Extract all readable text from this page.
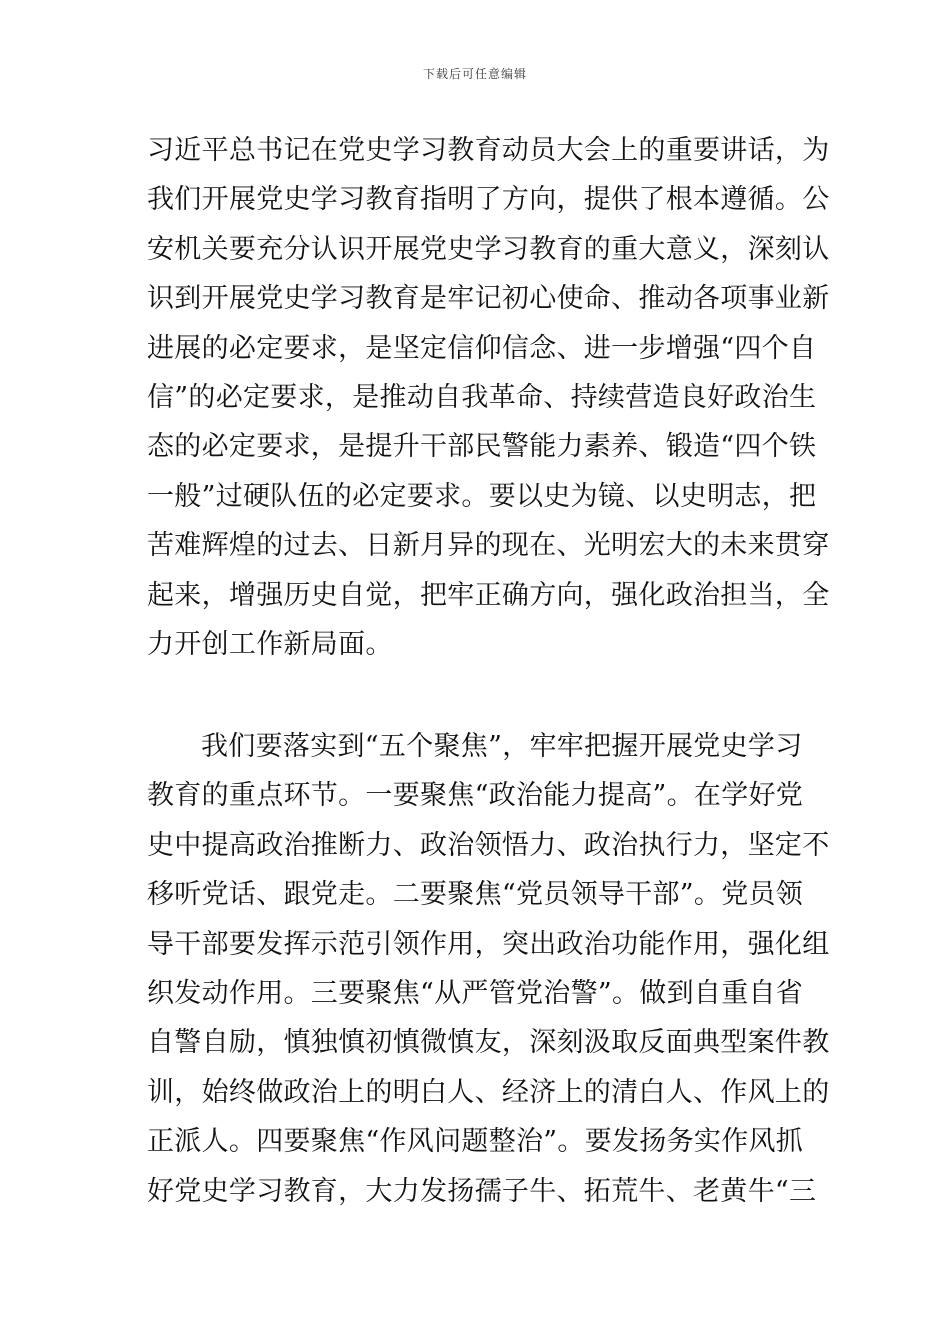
下载后可任意编辑
习近平总书记在党史学习教育动员大会上的重要讲话，为
我们开展党史学习教育指明了方向，提供了根本遵循。公
安机关要充分认识开展党史学习教育的重大意义，深刻认
识到开展党史学习教育是牢记初心使命、推动各项事业新
进展的必定要求，是坚定信仰信念、进一步增强“四个自
信”的必定要求，是推动自我革命、持续营造良好政治生
态的必定要求，是提升干部民警能力素养、锻造“四个铁
一般”过硬队伍的必定要求。要以史为镜、以史明志，把
苦难辉煌的过去、日新月异的现在、光明宏大的未来贯穿
起来，增强历史自觉，把牢正确方向，强化政治担当，全
力开创工作新局面。
我们要落实到“五个聚焦”，牢牢把握开展党史学习
教育的重点环节。一要聚焦“政治能力提高”。在学好党
史中提高政治推断力、政治领悟力、政治执行力，坚定不
移听党话、跟党走。二要聚焦“党员领导干部”。党员领
导干部要发挥示范引领作用，突出政治功能作用，强化组
织发动作用。三要聚焦“从严管党治警”。做到自重自省
自警自励，慎独慎初慎微慎友，深刻汲取反面典型案件教
训，始终做政治上的明白人、经济上的清白人、作风上的
正派人。四要聚焦“作风问题整治”。要发扬务实作风抓
好党史学习教育，大力发扬孺子牛、拓荒牛、老黄牛“三
